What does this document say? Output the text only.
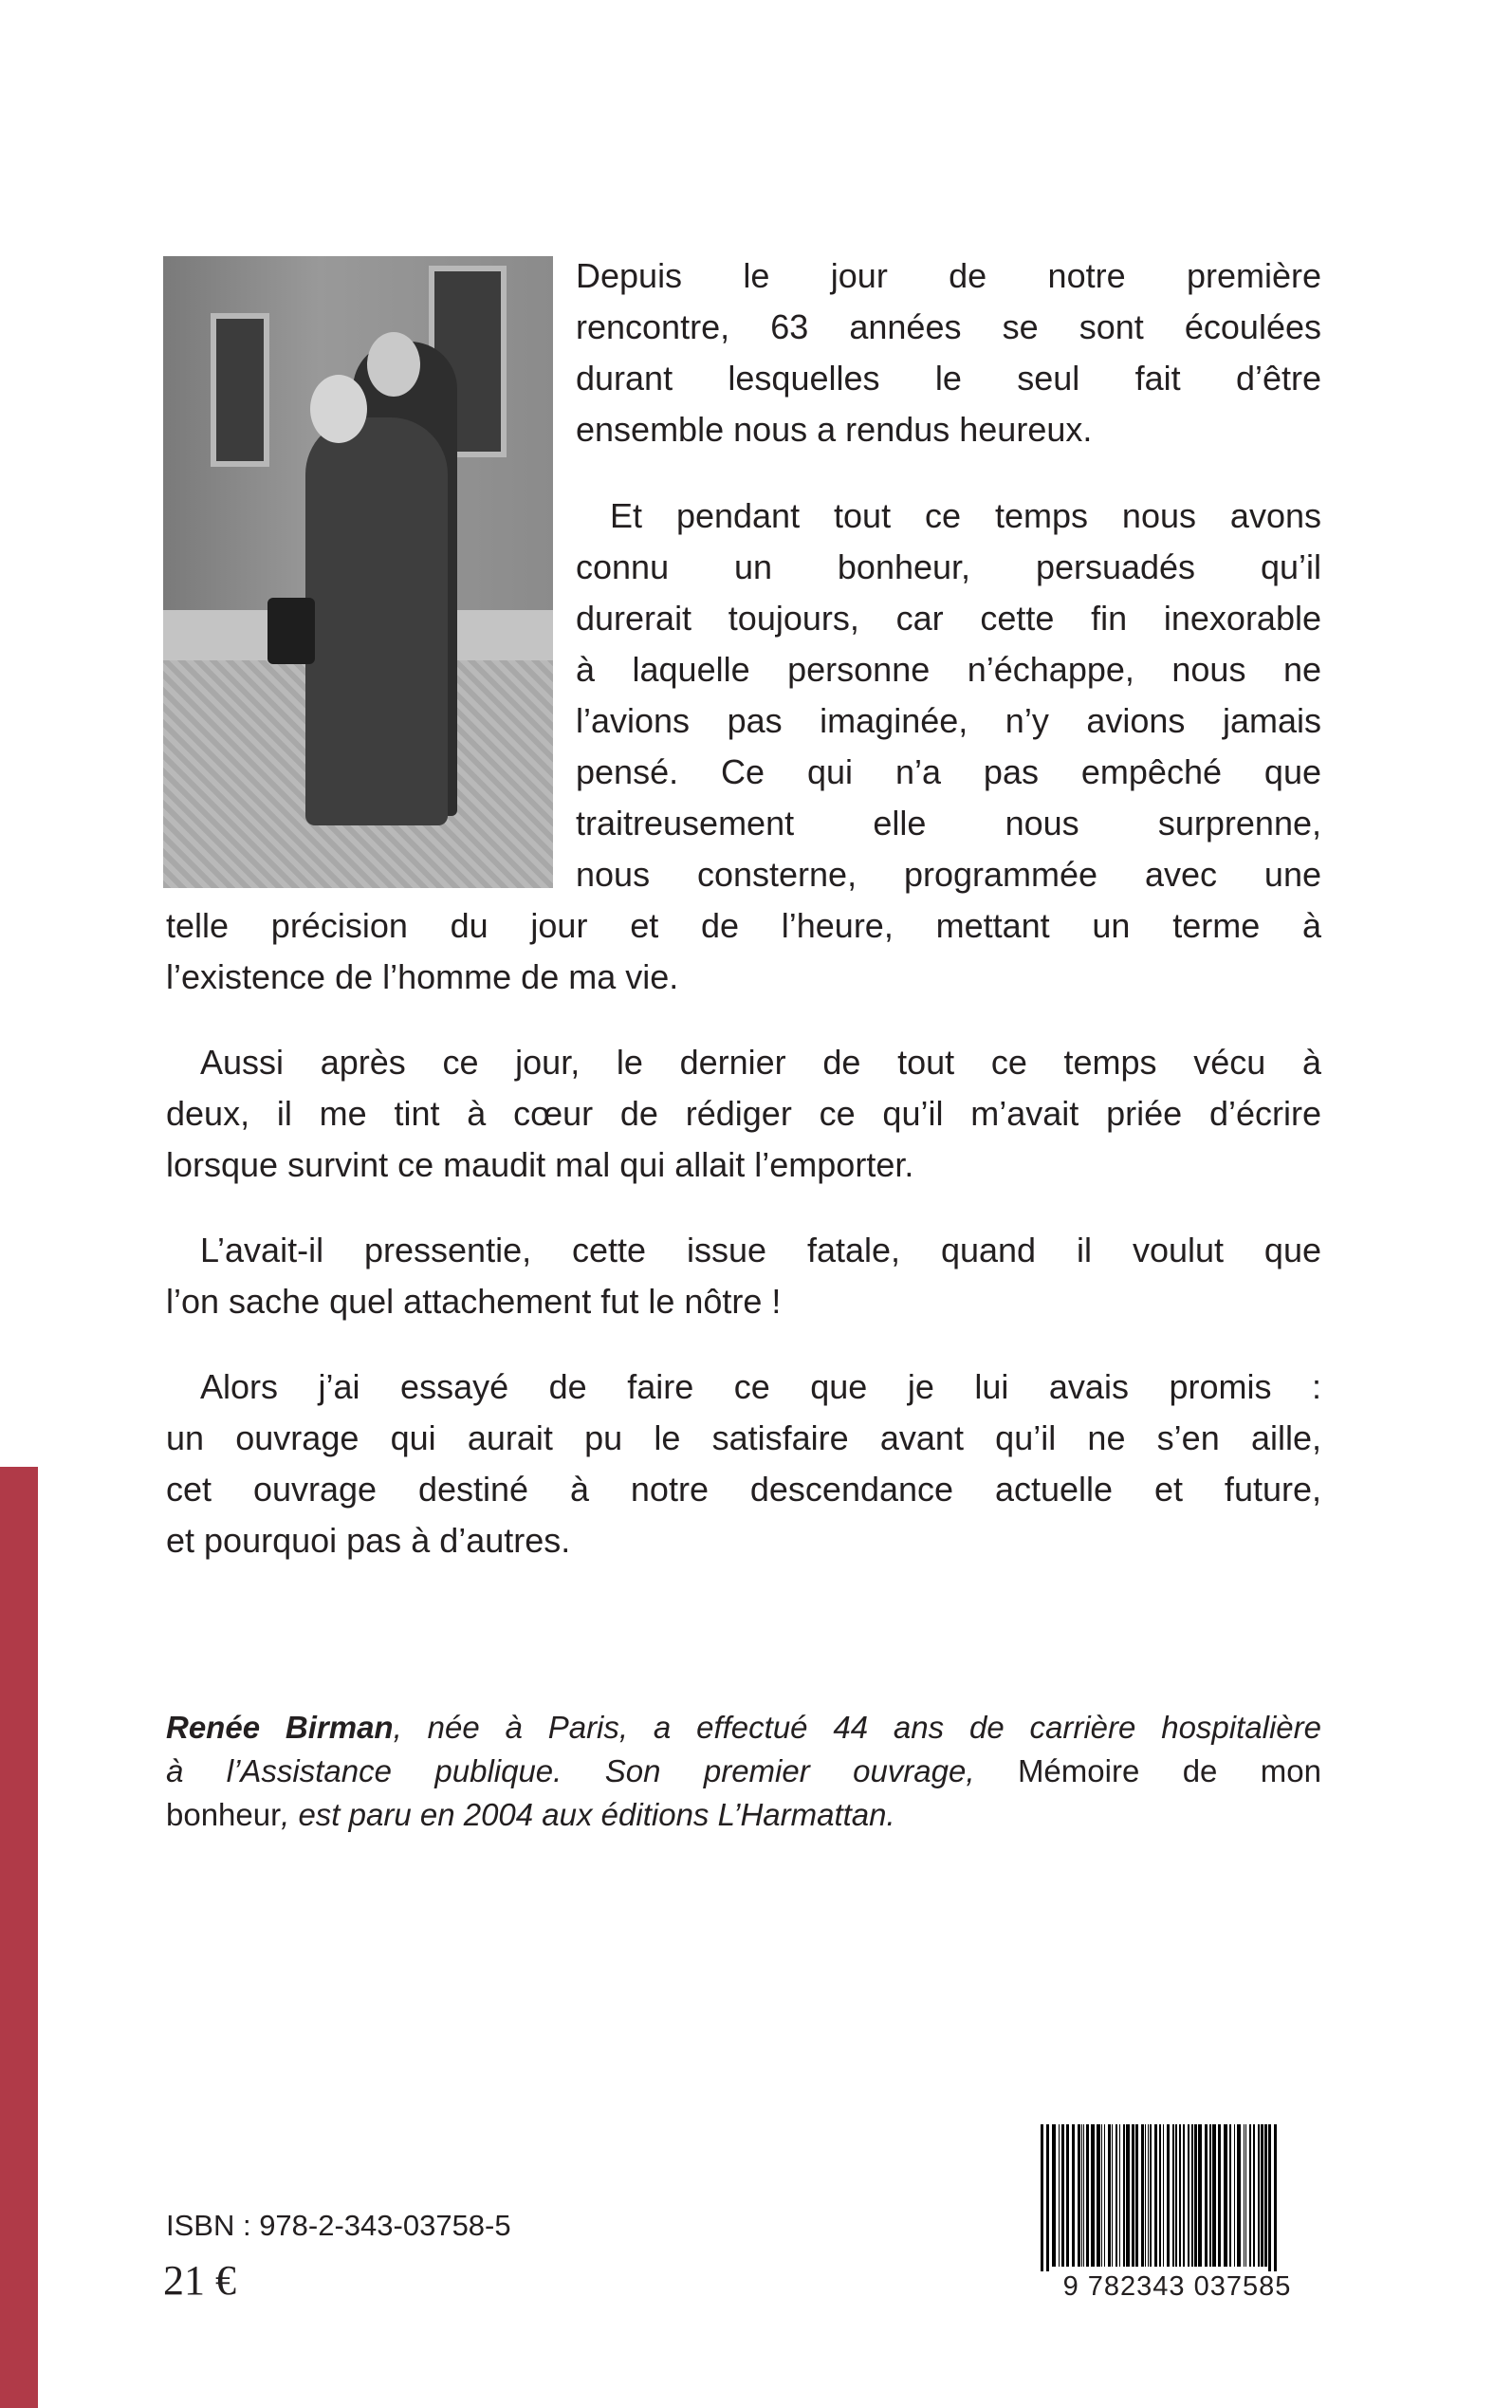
Depuis le jour de notre première
rencontre, 63 années se sont écoulées
durant lesquelles le seul fait d’être
ensemble nous a rendus heureux.
 Et pendant tout ce temps nous avons
connu un bonheur, persuadés qu’il
durerait toujours, car cette fin inexorable
à laquelle personne n’échappe, nous ne
l’avions pas imaginée, n’y avions jamais
pensé. Ce qui n’a pas empêché que
traitreusement elle nous surprenne,
nous consterne, programmée avec une
telle précision du jour et de l’heure, mettant un terme à
l’existence de l’homme de ma vie.
 Aussi après ce jour, le dernier de tout ce temps vécu à
deux, il me tint à cœur de rédiger ce qu’il m’avait priée d’écrire
lorsque survint ce maudit mal qui allait l’emporter.
 L’avait-il pressentie, cette issue fatale, quand il voulut que
l’on sache quel attachement fut le nôtre !
 Alors j’ai essayé de faire ce que je lui avais promis :
un ouvrage qui aurait pu le satisfaire avant qu’il ne s’en aille,
cet ouvrage destiné à notre descendance actuelle et future,
et pourquoi pas à d’autres.
Renée Birman, née à Paris, a effectué 44 ans de carrière hospitalière
à l’Assistance publique. Son premier ouvrage, Mémoire de mon
bonheur, est paru en 2004 aux éditions L’Harmattan.
ISBN : 978-2-343-03758-5
21 €	9 782343 037585
